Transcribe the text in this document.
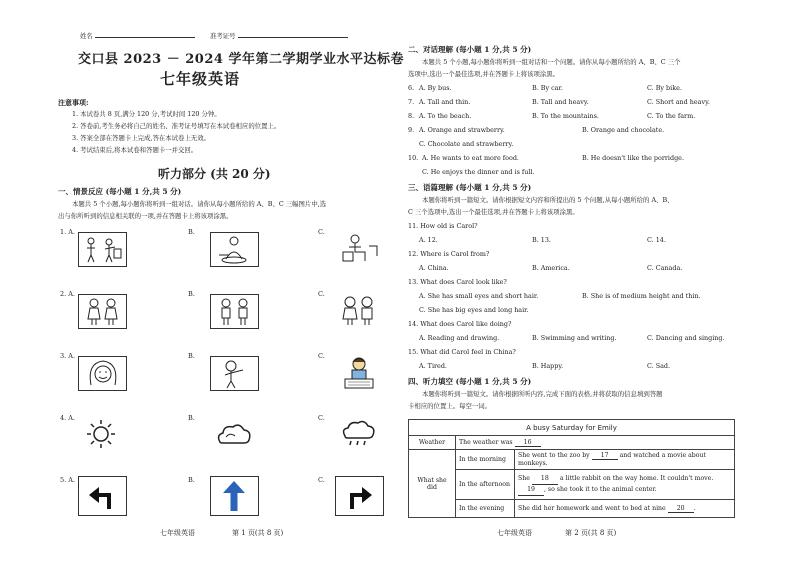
姓名	准考证号
交口县 2023 － 2024 学年第二学期学业水平达标卷
七年级英语
注意事项:
1. 本试卷共 8 页,满分 120 分,考试时间 120 分钟。
2. 答卷前,考生务必将自己的姓名、准考证号填写在本试卷相应的位置上。
3. 答案全部在答题卡上完成,答在本试卷上无效。
4. 考试结束后,将本试卷和答题卡一并交回。
听力部分 (共 20 分)
一、情景反应 (每小题 1 分,共 5 分)
本题共 5 个小题,每小题你将听到一组对话。请你从每小题所给的 A、B、C 三幅图片中,选
出与你所听到的信息相关联的一项,并在答题卡上将该项涂黑。
1. A.	B.	C.
2. A.	B.	C.
3. A.	B.	C.
4. A.	B.	C.
5. A.	B.	C.
七年级英语	第 1 页(共 8 页)
二、对话理解 (每小题 1 分,共 5 分)
本题共 5 个小题,每小题你将听到一组对话和一个问题。请你从每小题所给的 A、B、C 三个
选项中,选出一个最佳选项,并在答题卡上将该项涂黑。
6. A. By bus.	B. By car.	C. By bike.
7. A. Tall and thin.	B. Tall and heavy.	C. Short and heavy.
8. A. To the beach.	B. To the mountains.	C. To the farm.
9. A. Orange and strawberry.	B. Orange and chocolate.
C. Chocolate and strawberry.
10. A. He wants to eat more food.	B. He doesn't like the porridge.
C. He enjoys the dinner and is full.
三、语篇理解 (每小题 1 分,共 5 分)
本题你将听到一篇短文。请你根据短文内容和所提出的 5 个问题,从每小题所给的 A、B、
C 三个选项中,选出一个最佳选项,并在答题卡上将该项涂黑。
11. How old is Carol?
A. 12.	B. 13.	C. 14.
12. Where is Carol from?
A. China.	B. America.	C. Canada.
13. What does Carol look like?
A. She has small eyes and short hair.	B. She is of medium height and thin.
C. She has big eyes and long hair.
14. What does Carol like doing?
A. Reading and drawing.	B. Swimming and writing.	C. Dancing and singing.
15. What did Carol feel in China?
A. Tired.	B. Happy.	C. Sad.
四、听力填空 (每小题 1 分,共 5 分)
本题你将听到一篇短文。请你根据所听内容,完成下面的表格,并将获取的信息填到答题
卡相应的位置上。每空一词。
A busy Saturday for Emily		
Weather	The weather was 16	
What she did	In the morning	She went to the zoo by 17 and watched a movie about monkeys.
	In the afternoon	She 18 a little rabbit on the way home. It couldn't move.
19 , so she took it to the animal center.
	In the evening	She did her homework and went to bed at nine 20 .
七年级英语	第 2 页(共 8 页)
